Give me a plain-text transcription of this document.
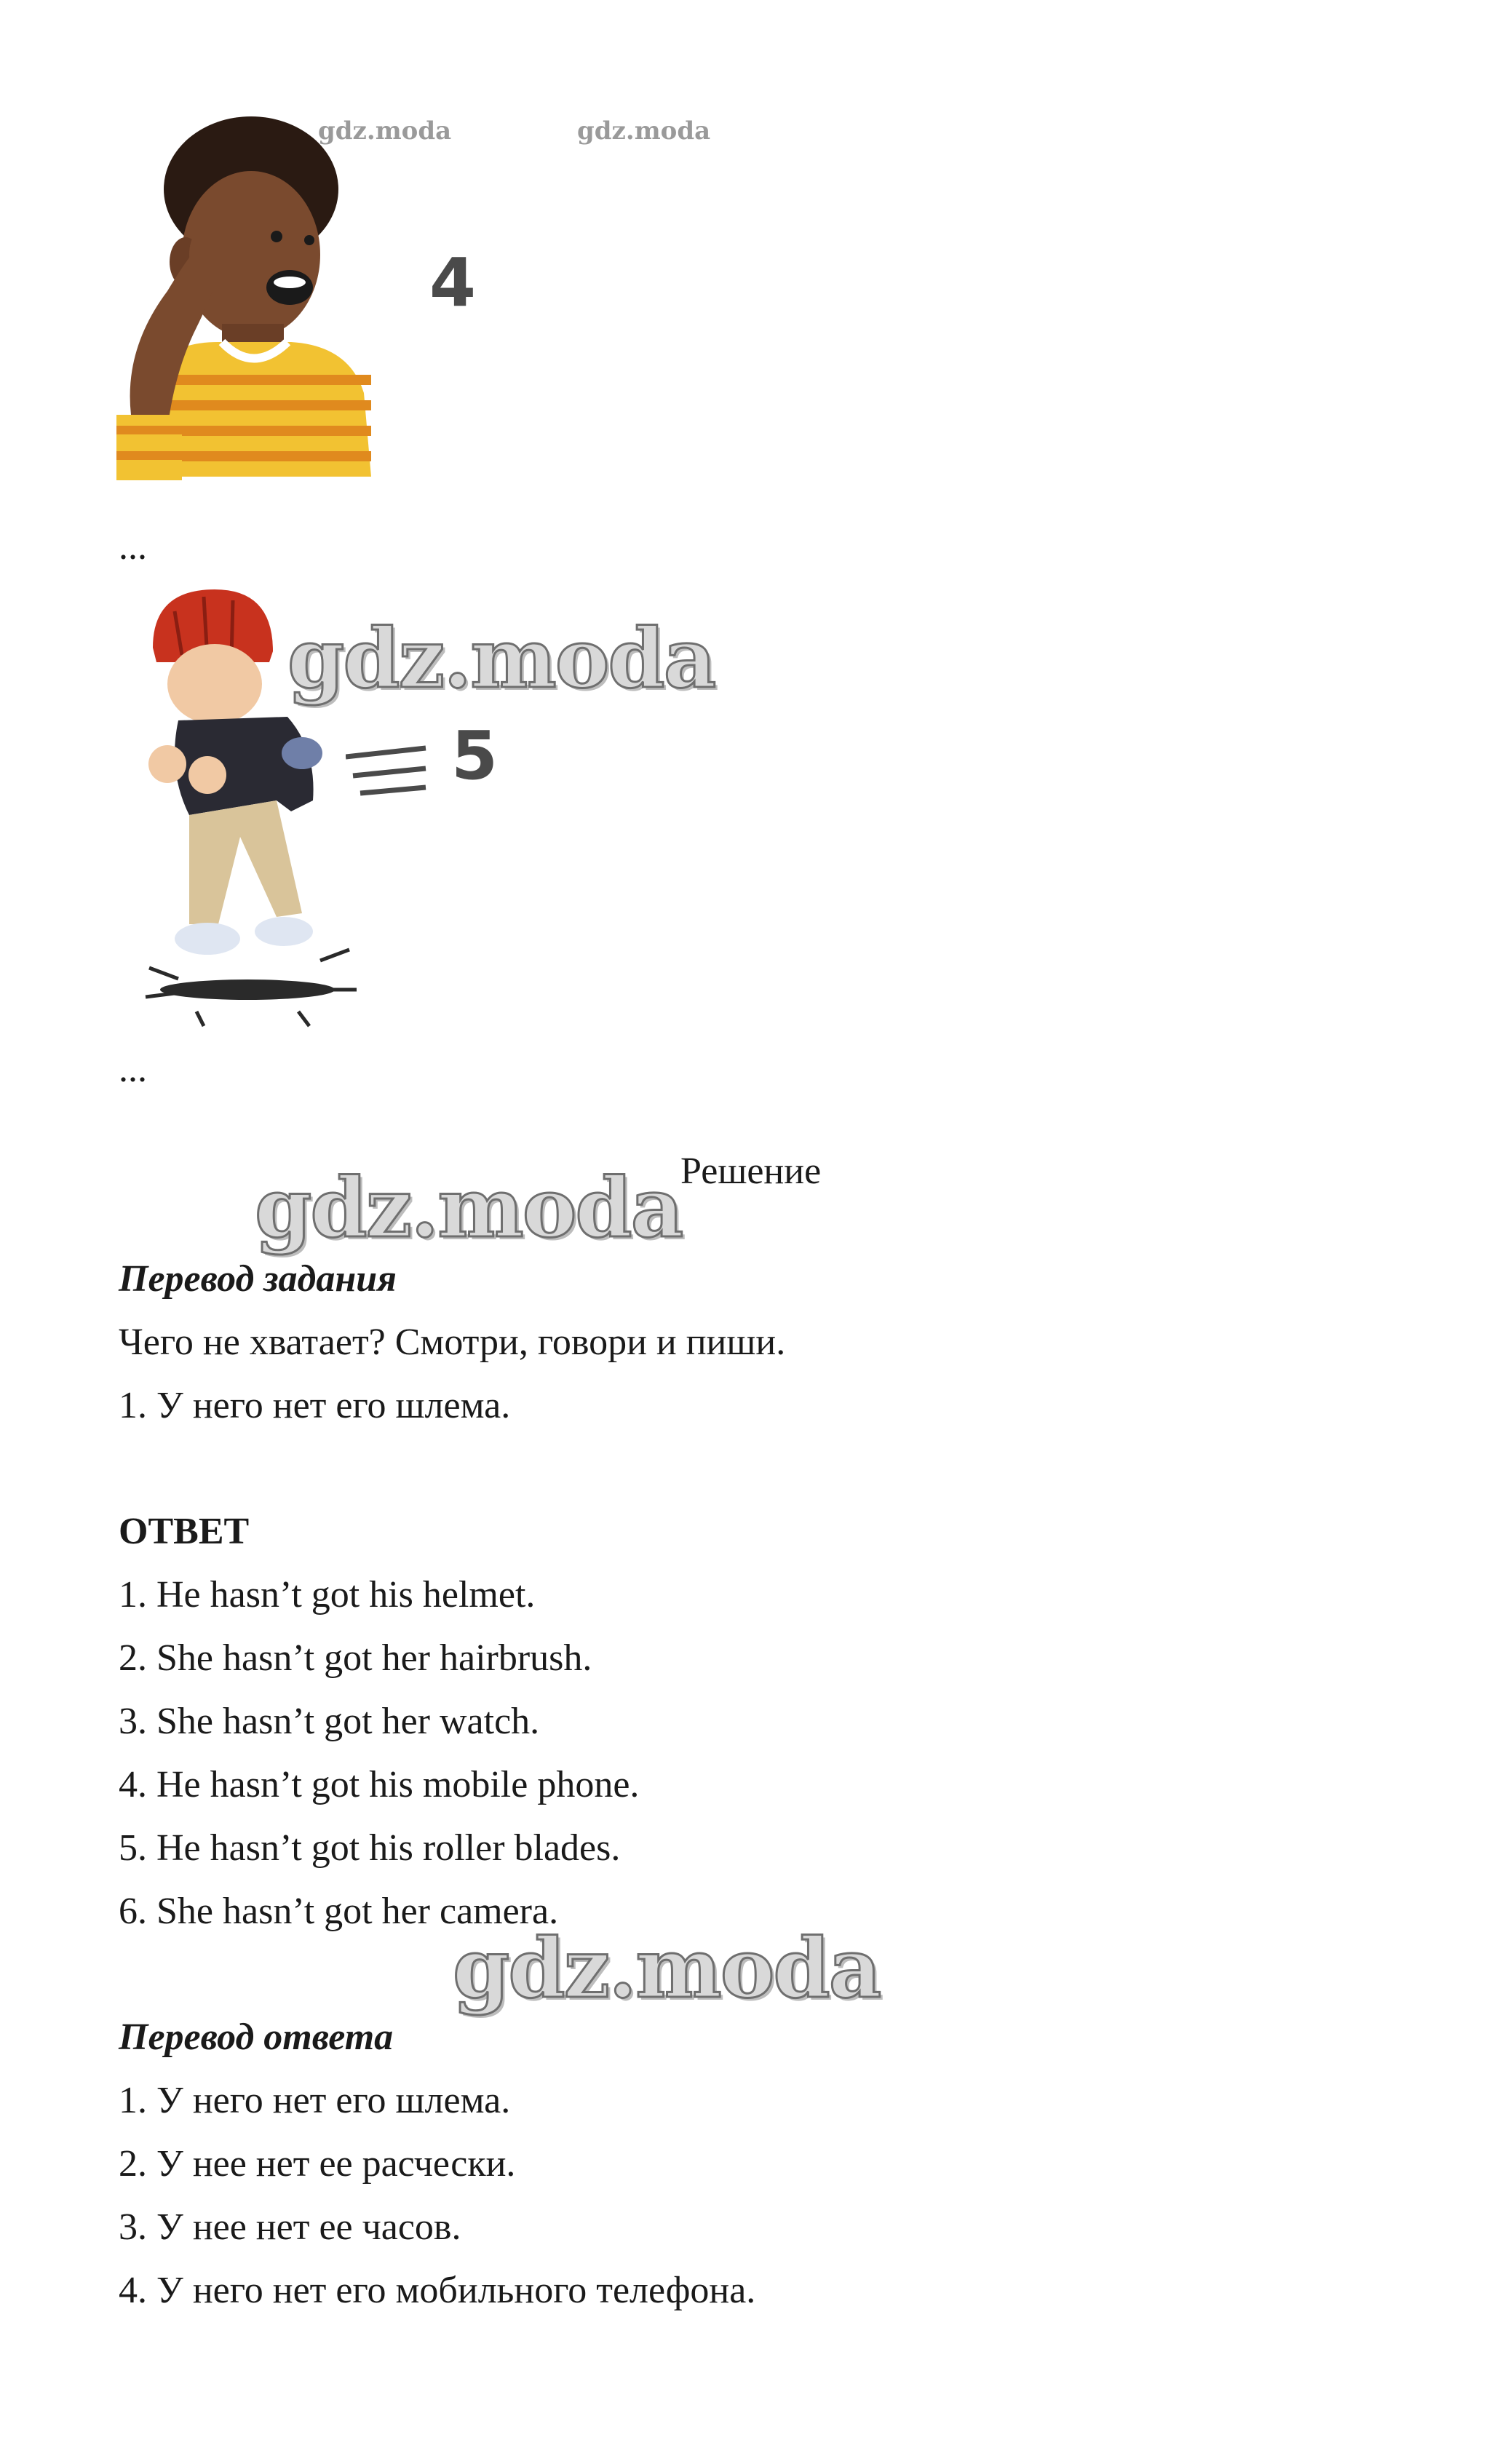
gdz.moda	gdz.moda
4
...
gdz.moda
5
...
gdz.moda
Решение
Перевод задания
Чего не хватает? Смотри, говори и пиши.
1. У него нет его шлема.
ОТВЕТ
1. He hasn’t got his helmet.
2. She hasn’t got her hairbrush.
3. She hasn’t got her watch.
4. He hasn’t got his mobile phone.
5. He hasn’t got his roller blades.
6. She hasn’t got her camera.
gdz.moda
Перевод ответа
1. У него нет его шлема.
2. У нее нет ее расчески.
3. У нее нет ее часов.
4. У него нет его мобильного телефона.
